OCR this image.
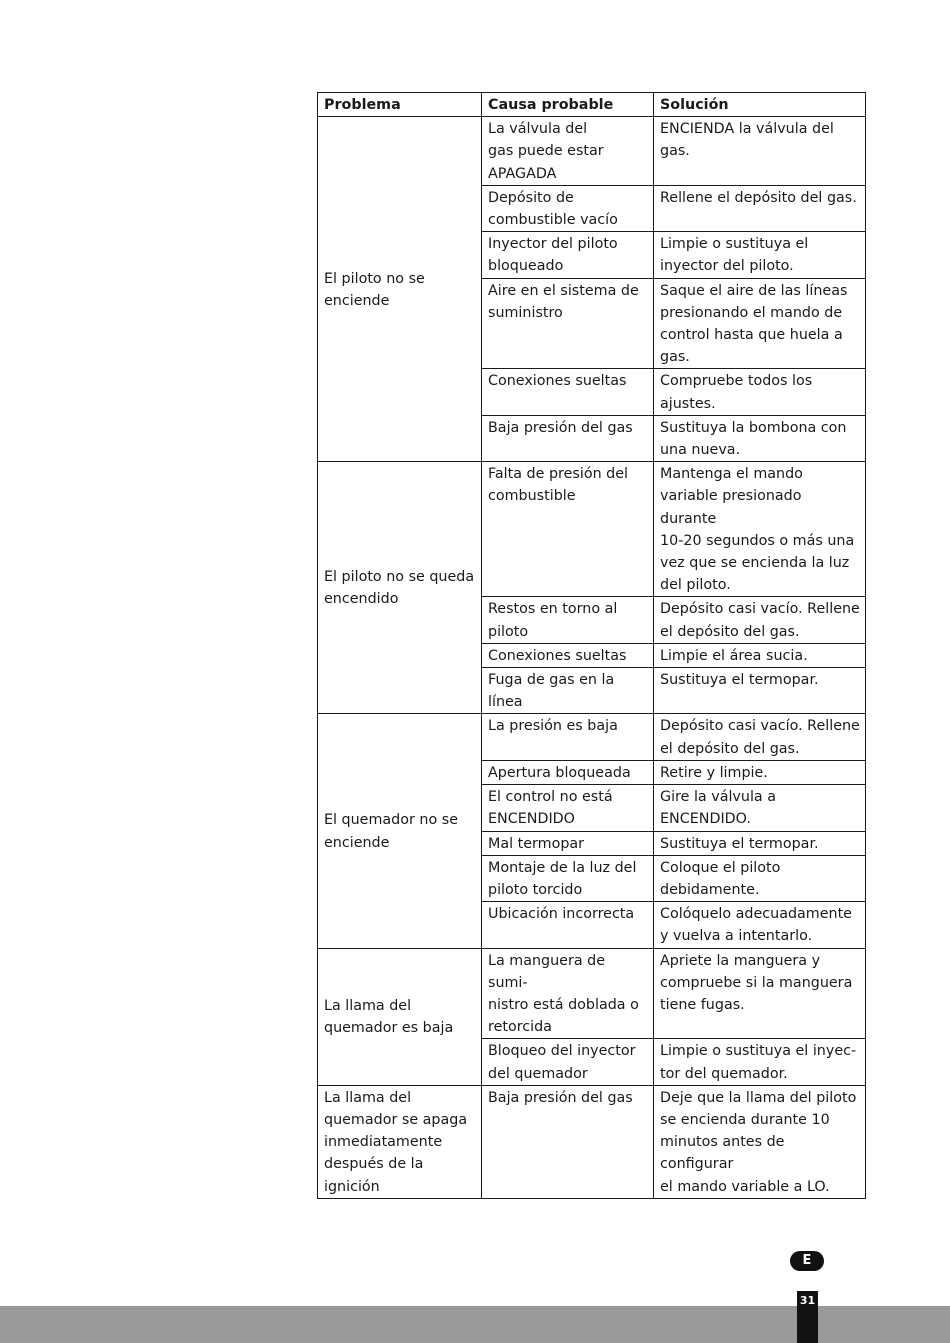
Problema	Causa probable	Solución
El piloto no se
enciende	La válvula del
gas puede estar
APAGADA	ENCIENDA la válvula del
gas.
	Depósito de
combustible vacío	Rellene el depósito del gas.
	Inyector del piloto
bloqueado	Limpie o sustituya el
inyector del piloto.
	Aire en el sistema de
suministro	Saque el aire de las líneas
presionando el mando de
control hasta que huela a
gas.
	Conexiones sueltas	Compruebe todos los
ajustes.
	Baja presión del gas	Sustituya la bombona con
una nueva.
El piloto no se queda
encendido	Falta de presión del
combustible	Mantenga el mando
variable presionado durante
10-20 segundos o más una
vez que se encienda la luz
del piloto.
	Restos en torno al
piloto	Depósito casi vacío. Rellene
el depósito del gas.
	Conexiones sueltas	Limpie el área sucia.
	Fuga de gas en la
línea	Sustituya el termopar.
El quemador no se
enciende	La presión es baja	Depósito casi vacío. Rellene
el depósito del gas.
	Apertura bloqueada	Retire y limpie.
	El control no está
ENCENDIDO	Gire la válvula a
ENCENDIDO.
	Mal termopar	Sustituya el termopar.
	Montaje de la luz del
piloto torcido	Coloque el piloto
debidamente.
	Ubicación incorrecta	Colóquelo adecuadamente
y vuelva a intentarlo.
La llama del
quemador es baja	La manguera de sumi-
nistro está doblada o
retorcida	Apriete la manguera y
compruebe si la manguera
tiene fugas.
	Bloqueo del inyector
del quemador	Limpie o sustituya el inyec-
tor del quemador.
La llama del
quemador se apaga
inmediatamente
después de la ignición	Baja presión del gas	Deje que la llama del piloto
se encienda durante 10
minutos antes de configurar
el mando variable a LO.
E
31
